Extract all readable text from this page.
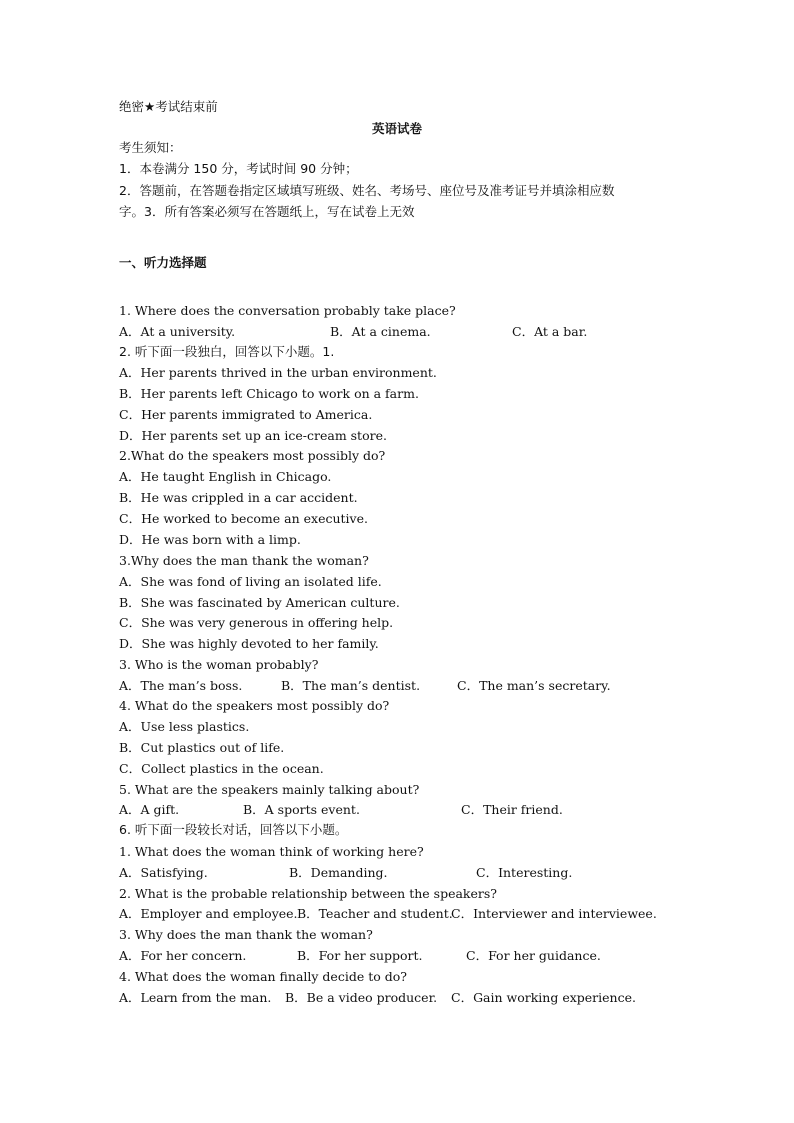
绝密★考试结束前
英语试卷
考生须知：
1．本卷满分 150 分，考试时间 90 分钟；
2．答题前，在答题卷指定区域填写班级、姓名、考场号、座位号及准考证号并填涂相应数
字。3．所有答案必须写在答题纸上，写在试卷上无效
一、听力选择题
1. Where does the conversation probably take place?
A．At a university.	B．At a cinema.	C．At a bar.
2. 听下面一段独白，回答以下小题。1.
A．Her parents thrived in the urban environment.
B．Her parents left Chicago to work on a farm.
C．Her parents immigrated to America.
D．Her parents set up an ice-cream store.
2.What do the speakers most possibly do?
A．He taught English in Chicago.
B．He was crippled in a car accident.
C．He worked to become an executive.
D．He was born with a limp.
3.Why does the man thank the woman?
A．She was fond of living an isolated life.
B．She was fascinated by American culture.
C．She was very generous in offering help.
D．She was highly devoted to her family.
3. Who is the woman probably?
A．The man’s boss.	B．The man’s dentist.	C．The man’s secretary.
4. What do the speakers most possibly do?
A．Use less plastics.
B．Cut plastics out of life.
C．Collect plastics in the ocean.
5. What are the speakers mainly talking about?
A．A gift.	B．A sports event.	C．Their friend.
6. 听下面一段较长对话，回答以下小题。
1. What does the woman think of working here?
A．Satisfying.	B．Demanding.	C．Interesting.
2. What is the probable relationship between the speakers?
A．Employer and employee. B．Teacher and student.
C．Interviewer and interviewee.
3. Why does the man thank the woman?
A．For her concern.	B．For her support.	C．For her guidance.
4. What does the woman finally decide to do?
A．Learn from the man. B．Be a video producer. C．Gain working experience.
